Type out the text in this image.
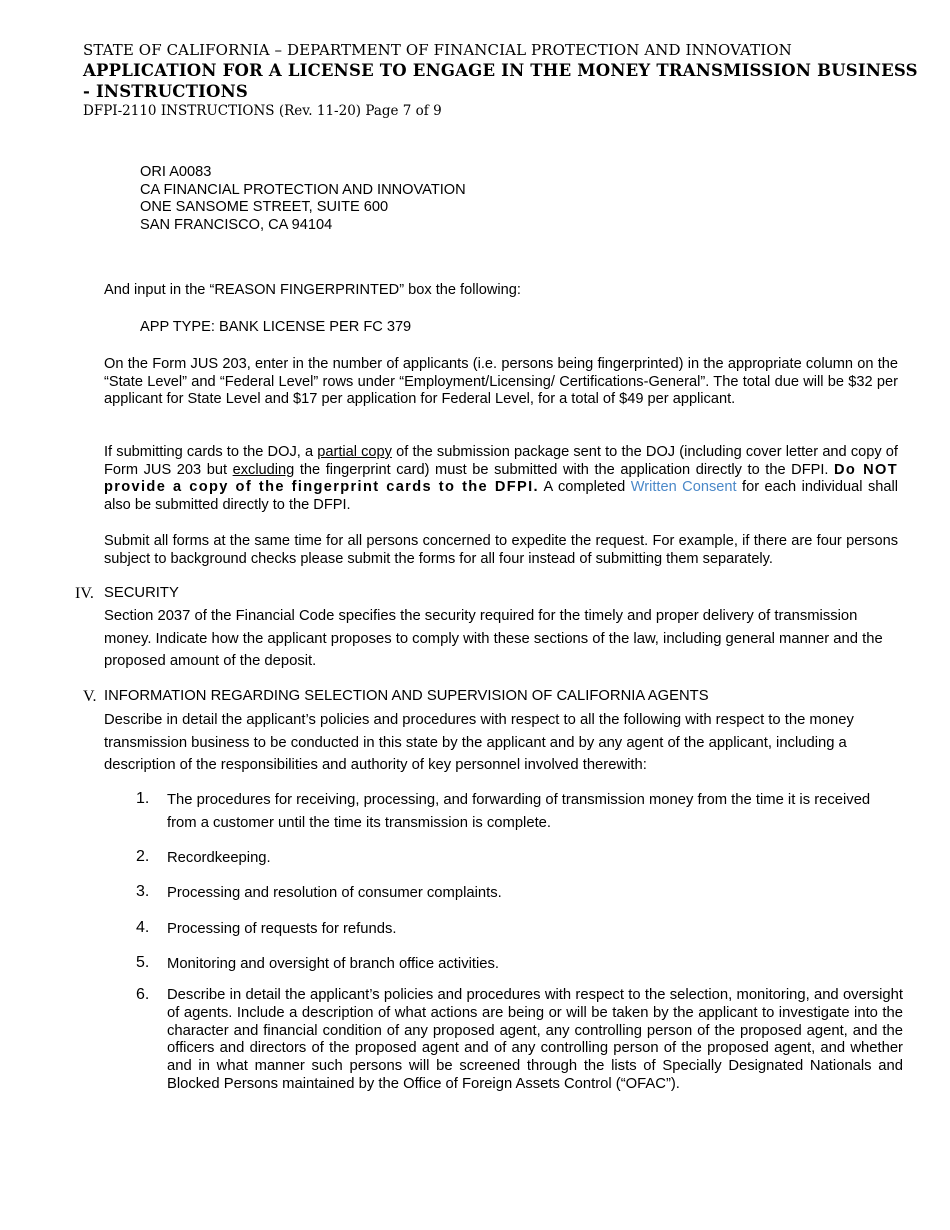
STATE OF CALIFORNIA – DEPARTMENT OF FINANCIAL PROTECTION AND INNOVATION
APPLICATION FOR A LICENSE TO ENGAGE IN THE MONEY TRANSMISSION BUSINESS - INSTRUCTIONS
DFPI-2110 INSTRUCTIONS (Rev. 11-20) Page 7 of 9
ORI A0083
CA FINANCIAL PROTECTION AND INNOVATION
ONE SANSOME STREET, SUITE 600
SAN FRANCISCO, CA 94104
And input in the “REASON FINGERPRINTED” box the following:
APP TYPE: BANK LICENSE PER FC 379
On the Form JUS 203, enter in the number of applicants (i.e. persons being fingerprinted) in the appropriate column on the “State Level” and “Federal Level” rows under “Employment/Licensing/ Certifications-General”. The total due will be $32 per applicant for State Level and $17 per application for Federal Level, for a total of $49 per applicant.
If submitting cards to the DOJ, a partial copy of the submission package sent to the DOJ (including cover letter and copy of Form JUS 203 but excluding the fingerprint card) must be submitted with the application directly to the DFPI. Do NOT provide a copy of the fingerprint cards to the DFPI. A completed Written Consent for each individual shall also be submitted directly to the DFPI.
Submit all forms at the same time for all persons concerned to expedite the request. For example, if there are four persons subject to background checks please submit the forms for all four instead of submitting them separately.
IV. SECURITY
Section 2037 of the Financial Code specifies the security required for the timely and proper delivery of transmission money. Indicate how the applicant proposes to comply with these sections of the law, including general manner and the proposed amount of the deposit.
V. INFORMATION REGARDING SELECTION AND SUPERVISION OF CALIFORNIA AGENTS
Describe in detail the applicant’s policies and procedures with respect to all the following with respect to the money transmission business to be conducted in this state by the applicant and by any agent of the applicant, including a description of the responsibilities and authority of key personnel involved therewith:
1. The procedures for receiving, processing, and forwarding of transmission money from the time it is received from a customer until the time its transmission is complete.
2. Recordkeeping.
3. Processing and resolution of consumer complaints.
4. Processing of requests for refunds.
5. Monitoring and oversight of branch office activities.
6. Describe in detail the applicant’s policies and procedures with respect to the selection, monitoring, and oversight of agents. Include a description of what actions are being or will be taken by the applicant to investigate into the character and financial condition of any proposed agent, any controlling person of the proposed agent, and the officers and directors of the proposed agent and of any controlling person of the proposed agent, and whether and in what manner such persons will be screened through the lists of Specially Designated Nationals and Blocked Persons maintained by the Office of Foreign Assets Control (“OFAC”).
